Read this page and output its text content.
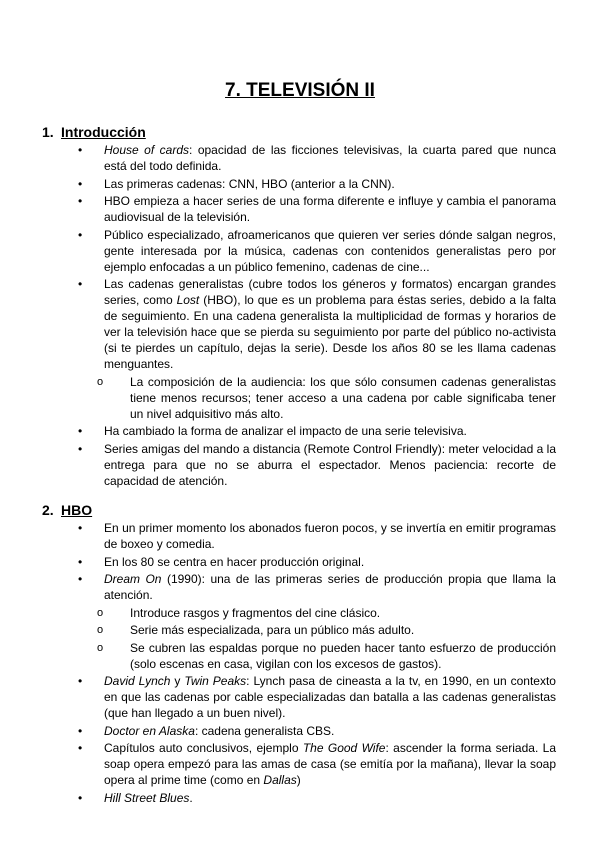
7. TELEVISIÓN II
1. Introducción
• House of cards: opacidad de las ficciones televisivas, la cuarta pared que nunca está del todo definida.
• Las primeras cadenas: CNN, HBO (anterior a la CNN).
• HBO empieza a hacer series de una forma diferente e influye y cambia el panorama audiovisual de la televisión.
• Público especializado, afroamericanos que quieren ver series dónde salgan negros, gente interesada por la música, cadenas con contenidos generalistas pero por ejemplo enfocadas a un público femenino, cadenas de cine...
• Las cadenas generalistas (cubre todos los géneros y formatos) encargan grandes series, como Lost (HBO), lo que es un problema para éstas series, debido a la falta de seguimiento. En una cadena generalista la multiplicidad de formas y horarios de ver la televisión hace que se pierda su seguimiento por parte del público no-activista (si te pierdes un capítulo, dejas la serie). Desde los años 80 se les llama cadenas menguantes.
o La composición de la audiencia: los que sólo consumen cadenas generalistas tiene menos recursos; tener acceso a una cadena por cable significaba tener un nivel adquisitivo más alto.
• Ha cambiado la forma de analizar el impacto de una serie televisiva.
• Series amigas del mando a distancia (Remote Control Friendly): meter velocidad a la entrega para que no se aburra el espectador. Menos paciencia: recorte de capacidad de atención.
2. HBO
• En un primer momento los abonados fueron pocos, y se invertía en emitir programas de boxeo y comedia.
• En los 80 se centra en hacer producción original.
• Dream On (1990): una de las primeras series de producción propia que llama la atención.
o Introduce rasgos y fragmentos del cine clásico.
o Serie más especializada, para un público más adulto.
o Se cubren las espaldas porque no pueden hacer tanto esfuerzo de producción (solo escenas en casa, vigilan con los excesos de gastos).
• David Lynch y Twin Peaks: Lynch pasa de cineasta a la tv, en 1990, en un contexto en que las cadenas por cable especializadas dan batalla a las cadenas generalistas (que han llegado a un buen nivel).
• Doctor en Alaska: cadena generalista CBS.
• Capítulos auto conclusivos, ejemplo The Good Wife: ascender la forma seriada. La soap opera empezó para las amas de casa (se emitía por la mañana), llevar la soap opera al prime time (como en Dallas)
• Hill Street Blues.
